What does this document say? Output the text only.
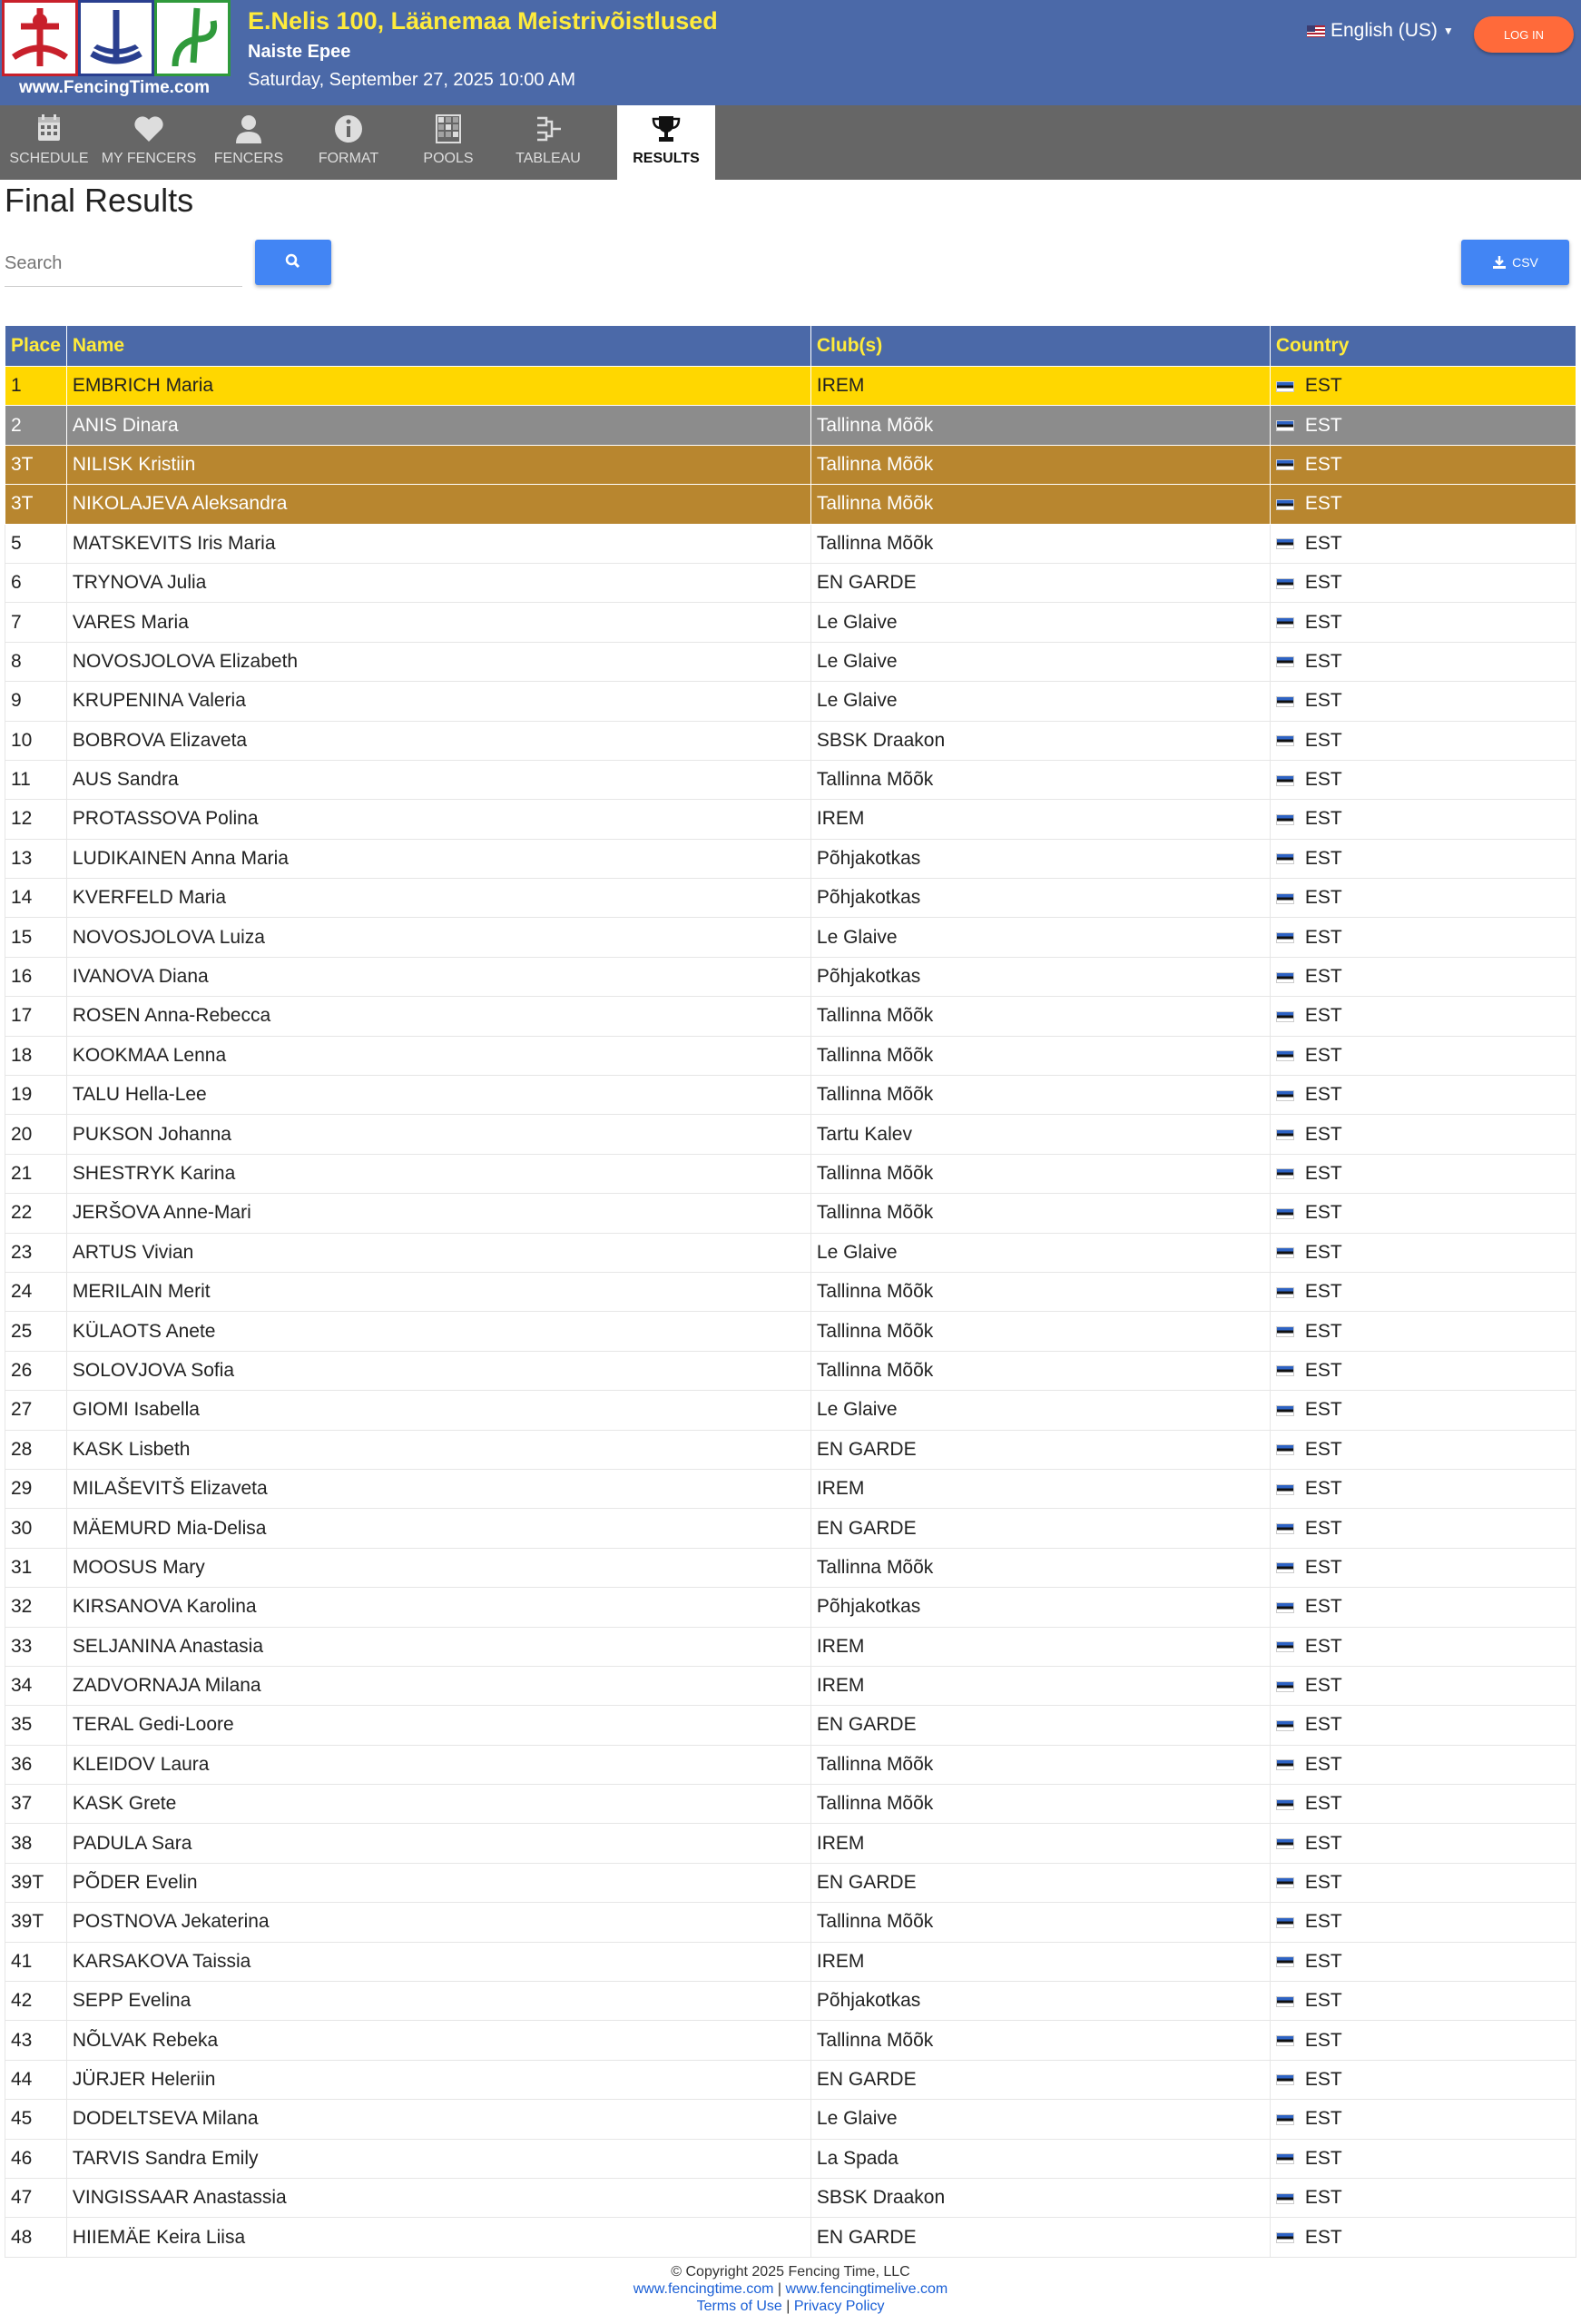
www.FencingTime.com
E.Nelis 100, Läänemaa Meistrivõistlused
Naiste Epee
Saturday, September 27, 2025 10:00 AM
English (US) ▼	LOG IN
SCHEDULE MY FENCERS	FENCERS	FORMAT	POOLS	TABLEAU	RESULTS
Final Results
Search
CSV
Place	Name	Club(s)	Country
1	EMBRICH Maria	IREM	EST
2	ANIS Dinara	Tallinna Mõõk	EST
3T	NILISK Kristiin	Tallinna Mõõk	EST
3T	NIKOLAJEVA Aleksandra	Tallinna Mõõk	EST
5	MATSKEVITS Iris Maria	Tallinna Mõõk	EST
6	TRYNOVA Julia	EN GARDE	EST
7	VARES Maria	Le Glaive	EST
8	NOVOSJOLOVA Elizabeth	Le Glaive	EST
9	KRUPENINA Valeria	Le Glaive	EST
10	BOBROVA Elizaveta	SBSK Draakon	EST
11	AUS Sandra	Tallinna Mõõk	EST
12	PROTASSOVA Polina	IREM	EST
13	LUDIKAINEN Anna Maria	Põhjakotkas	EST
14	KVERFELD Maria	Põhjakotkas	EST
15	NOVOSJOLOVA Luiza	Le Glaive	EST
16	IVANOVA Diana	Põhjakotkas	EST
17	ROSEN Anna-Rebecca	Tallinna Mõõk	EST
18	KOOKMAA Lenna	Tallinna Mõõk	EST
19	TALU Hella-Lee	Tallinna Mõõk	EST
20	PUKSON Johanna	Tartu Kalev	EST
21	SHESTRYK Karina	Tallinna Mõõk	EST
22	JERŠOVA Anne-Mari	Tallinna Mõõk	EST
23	ARTUS Vivian	Le Glaive	EST
24	MERILAIN Merit	Tallinna Mõõk	EST
25	KÜLAOTS Anete	Tallinna Mõõk	EST
26	SOLOVJOVA Sofia	Tallinna Mõõk	EST
27	GIOMI Isabella	Le Glaive	EST
28	KASK Lisbeth	EN GARDE	EST
29	MILAŠEVITŠ Elizaveta	IREM	EST
30	MÄEMURD Mia-Delisa	EN GARDE	EST
31	MOOSUS Mary	Tallinna Mõõk	EST
32	KIRSANOVA Karolina	Põhjakotkas	EST
33	SELJANINA Anastasia	IREM	EST
34	ZADVORNAJA Milana	IREM	EST
35	TERAL Gedi-Loore	EN GARDE	EST
36	KLEIDOV Laura	Tallinna Mõõk	EST
37	KASK Grete	Tallinna Mõõk	EST
38	PADULA Sara	IREM	EST
39T	PÕDER Evelin	EN GARDE	EST
39T	POSTNOVA Jekaterina	Tallinna Mõõk	EST
41	KARSAKOVA Taissia	IREM	EST
42	SEPP Evelina	Põhjakotkas	EST
43	NÕLVAK Rebeka	Tallinna Mõõk	EST
44	JÜRJER Heleriin	EN GARDE	EST
45	DODELTSEVA Milana	Le Glaive	EST
46	TARVIS Sandra Emily	La Spada	EST
47	VINGISSAAR Anastassia	SBSK Draakon	EST
48	HIIEMÄE Keira Liisa	EN GARDE	EST
© Copyright 2025 Fencing Time, LLC
www.fencingtime.com | www.fencingtimelive.com
Terms of Use | Privacy Policy
